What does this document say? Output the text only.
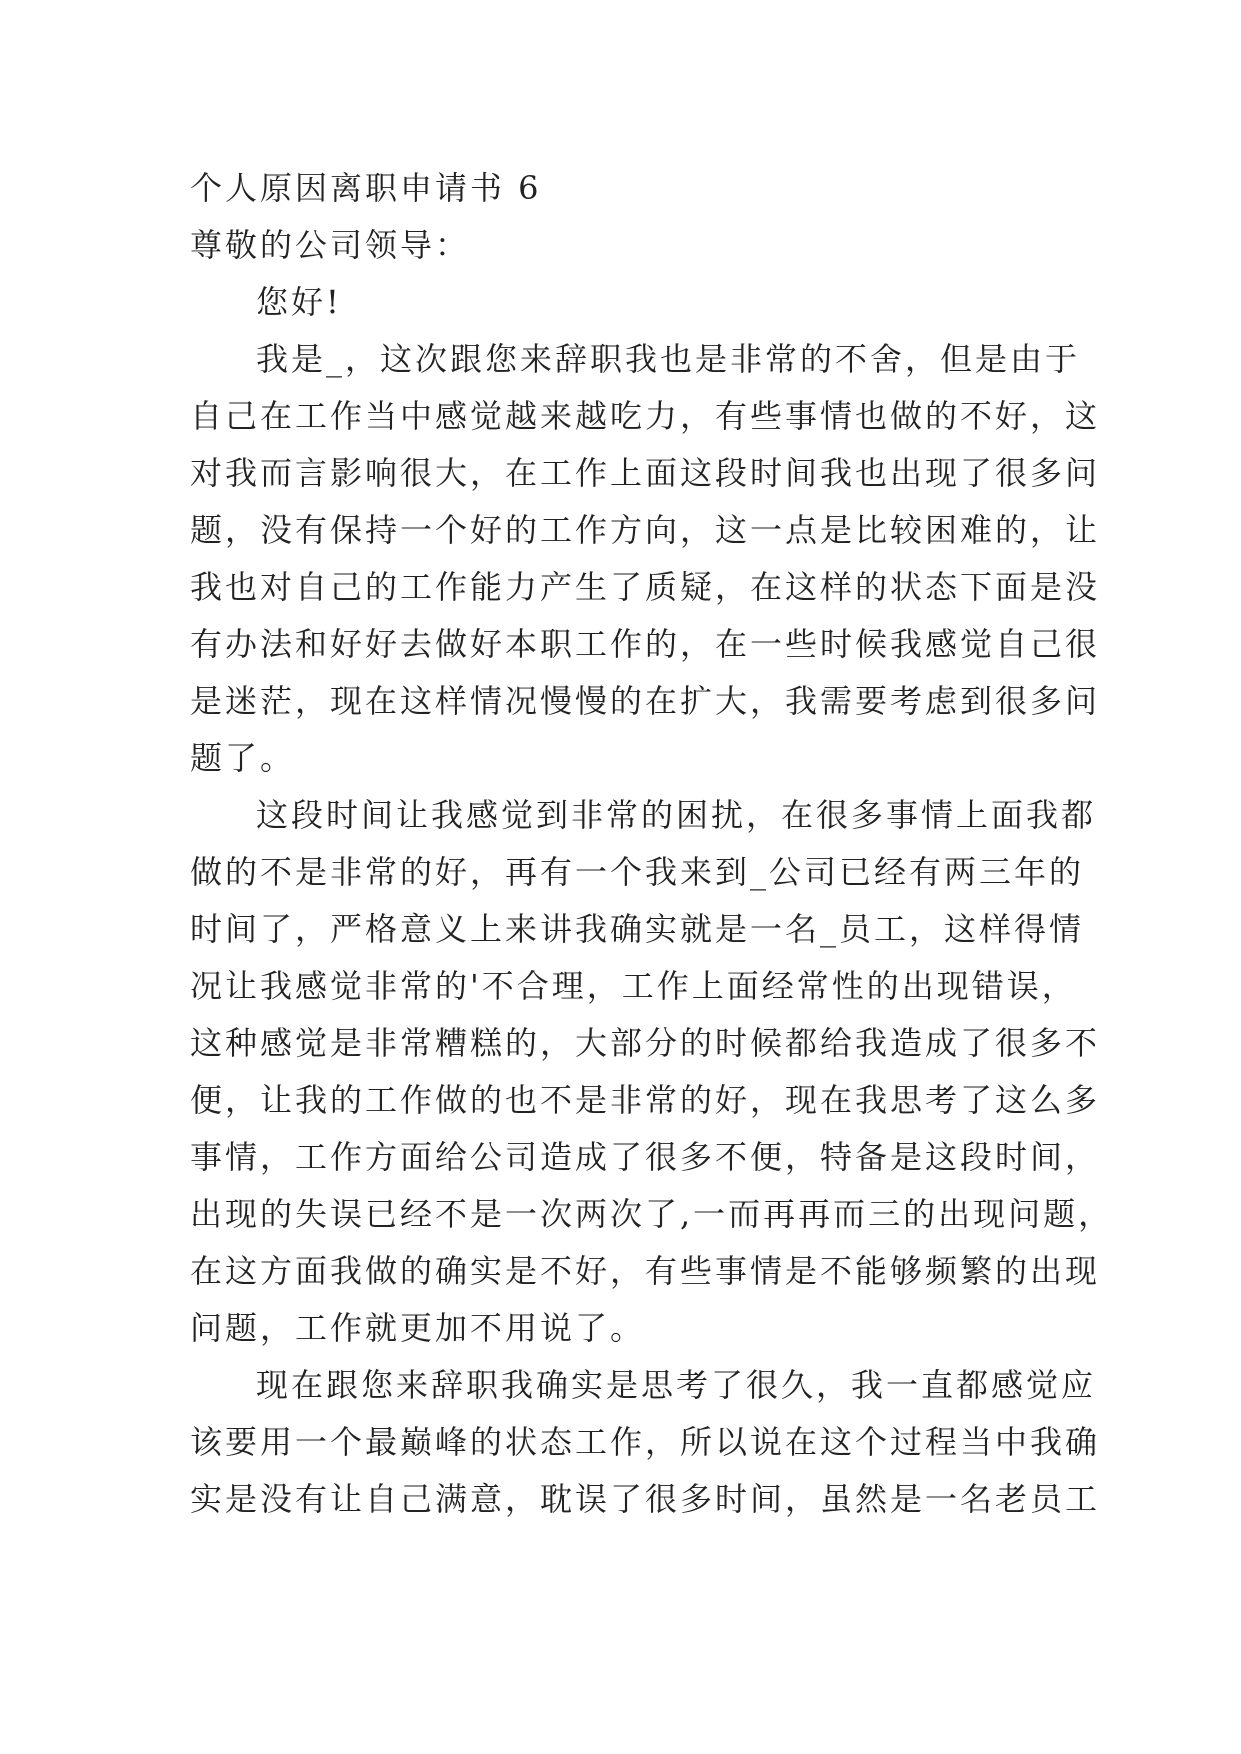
个人原因离职申请书 6

尊敬的公司领导：

您好!

我是_，这次跟您来辞职我也是非常的不舍，但是由于

自己在工作当中感觉越来越吃力，有些事情也做的不好，这

对我而言影响很大，在工作上面这段时间我也出现了很多问

题，没有保持一个好的工作方向，这一点是比较困难的，让

我也对自己的工作能力产生了质疑，在这样的状态下面是没

有办法和好好去做好本职工作的，在一些时候我感觉自己很

是迷茫，现在这样情况慢慢的在扩大，我需要考虑到很多问

题了。

这段时间让我感觉到非常的困扰，在很多事情上面我都

做的不是非常的好，再有一个我来到_公司已经有两三年的

时间了，严格意义上来讲我确实就是一名_员工，这样得情

况让我感觉非常的'不合理，工作上面经常性的出现错误，

这种感觉是非常糟糕的，大部分的时候都给我造成了很多不

便，让我的工作做的也不是非常的好，现在我思考了这么多

事情，工作方面给公司造成了很多不便，特备是这段时间，

出现的失误已经不是一次两次了,一而再再而三的出现问题，

在这方面我做的确实是不好，有些事情是不能够频繁的出现

问题，工作就更加不用说了。

现在跟您来辞职我确实是思考了很久，我一直都感觉应

该要用一个最巅峰的状态工作，所以说在这个过程当中我确

实是没有让自己满意，耽误了很多时间，虽然是一名老员工
